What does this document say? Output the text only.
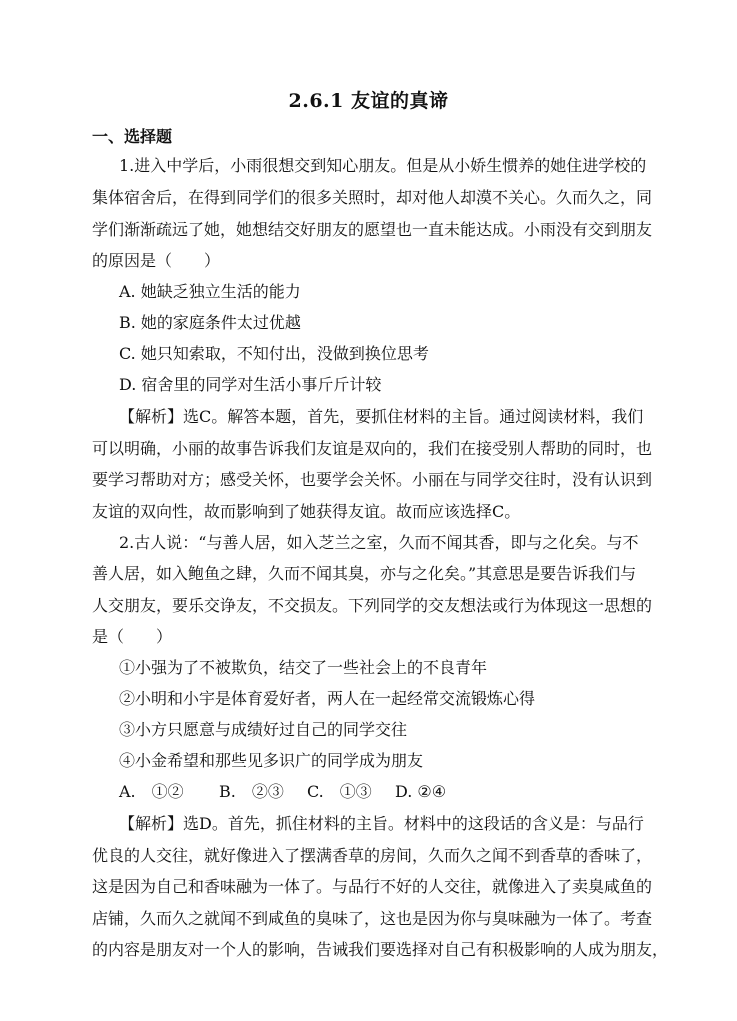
2.6.1 友谊的真谛
一、选择题
1.进入中学后，小雨很想交到知心朋友。但是从小娇生惯养的她住进学校的
集体宿舍后，在得到同学们的很多关照时，却对他人却漠不关心。久而久之，同
学们渐渐疏远了她，她想结交好朋友的愿望也一直未能达成。小雨没有交到朋友
的原因是（　　）
A. 她缺乏独立生活的能力
B. 她的家庭条件太过优越
C. 她只知索取，不知付出，没做到换位思考
D. 宿舍里的同学对生活小事斤斤计较
【解析】选C。解答本题，首先，要抓住材料的主旨。通过阅读材料，我们
可以明确，小丽的故事告诉我们友谊是双向的，我们在接受别人帮助的同时，也
要学习帮助对方；感受关怀，也要学会关怀。小丽在与同学交往时，没有认识到
友谊的双向性，故而影响到了她获得友谊。故而应该选择C。
2.古人说：“与善人居，如入芝兰之室，久而不闻其香，即与之化矣。与不
善人居，如入鲍鱼之肆，久而不闻其臭，亦与之化矣。”其意思是要告诉我们与
人交朋友，要乐交诤友，不交损友。下列同学的交友想法或行为体现这一思想的
是（　　）
①小强为了不被欺负，结交了一些社会上的不良青年
②小明和小宇是体育爱好者，两人在一起经常交流锻炼心得
③小方只愿意与成绩好过自己的同学交往
④小金希望和那些见多识广的同学成为朋友
A.　①② B.　②③ C.　①③ D. ②④
【解析】选D。首先，抓住材料的主旨。材料中的这段话的含义是：与品行
优良的人交往，就好像进入了摆满香草的房间，久而久之闻不到香草的香味了，
这是因为自己和香味融为一体了。与品行不好的人交往，就像进入了卖臭咸鱼的
店铺，久而久之就闻不到咸鱼的臭味了，这也是因为你与臭味融为一体了。考查
的内容是朋友对一个人的影响，告诫我们要选择对自己有积极影响的人成为朋友，
